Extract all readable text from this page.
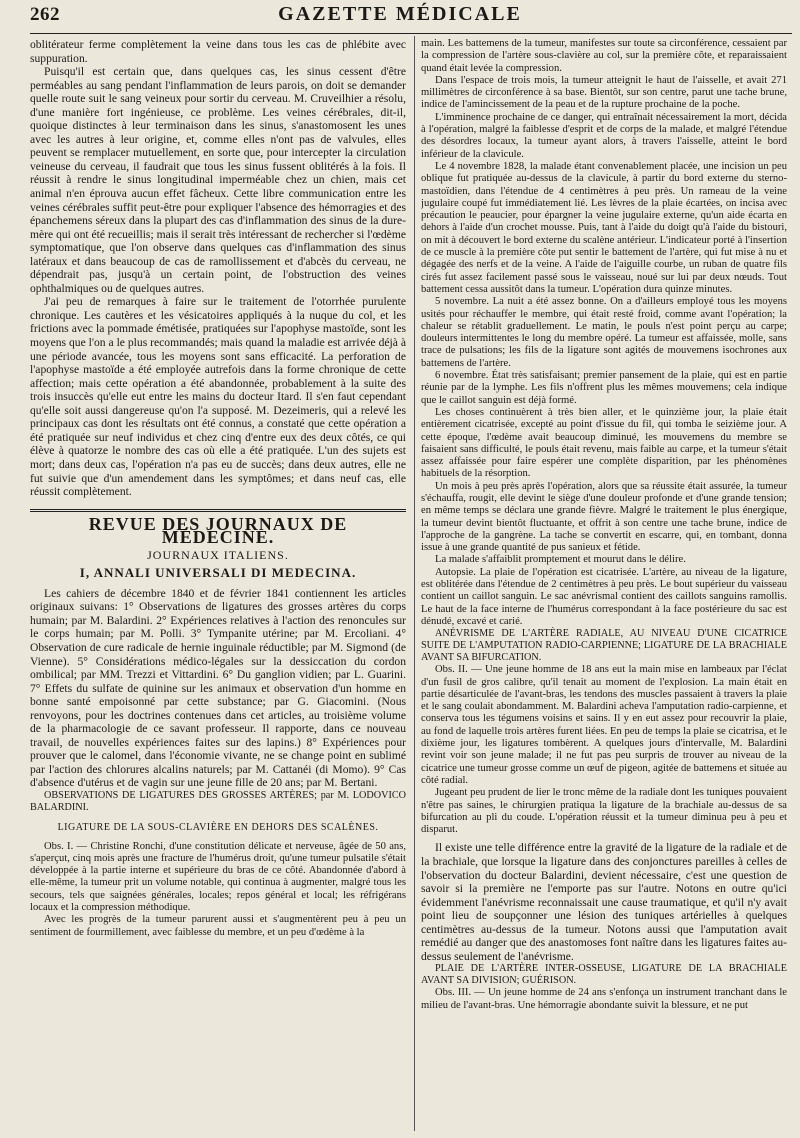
262	GAZETTE MÉDICALE

oblitérateur ferme complètement la veine dans tous les cas de phlébite avec suppuration.

Puisqu'il est certain que, dans quelques cas, les sinus cessent d'être perméables au sang pendant l'inflammation de leurs parois, on doit se demander quelle route suit le sang veineux pour sortir du cerveau. M. Cruveilhier a résolu, d'une manière fort ingénieuse, ce problème. Les veines cérébrales, dit-il, quoique distinctes à leur terminaison dans les sinus, s'anastomosent les unes avec les autres à leur origine, et, comme elles n'ont pas de valvules, elles peuvent se remplacer mutuellement, en sorte que, pour intercepter la circulation veineuse du cerveau, il faudrait que tous les sinus fussent oblitérés à la fois. Il réussit à rendre le sinus longitudinal imperméable chez un chien, mais cet animal n'en éprouva aucun effet fâcheux. Cette libre communication entre les veines cérébrales suffit peut-être pour expliquer l'absence des hémorragies et des épanchemens séreux dans la plupart des cas d'inflammation des sinus de la dure-mère qui ont été recueillis; mais il serait très intéressant de rechercher si l'œdème symptomatique, que l'on observe dans quelques cas d'inflammation des sinus latéraux et dans beaucoup de cas de ramollissement et d'abcès du cerveau, ne dépendrait pas, jusqu'à un certain point, de l'obstruction des veines ophthalmiques ou de quelques autres.

J'ai peu de remarques à faire sur le traitement de l'otorrhée purulente chronique. Les cautères et les vésicatoires appliqués à la nuque du col, et les frictions avec la pommade émétisée, pratiquées sur l'apophyse mastoïde, sont les moyens que l'on a le plus recommandés; mais quand la maladie est arrivée déjà à une période avancée, tous les moyens sont sans efficacité. La perforation de l'apophyse mastoïde a été employée autrefois dans la forme chronique de cette affection; mais cette opération a été abandonnée, probablement à la suite des trois insuccès qu'elle eut entre les mains du docteur Itard. Il s'en faut cependant qu'elle soit aussi dangereuse qu'on l'a supposé. M. Dezeimeris, qui a relevé les principaux cas dont les résultats ont été connus, a constaté que cette opération a été pratiquée sur neuf individus et chez cinq d'entre eux des deux côtés, ce qui élève à quatorze le nombre des cas où elle a été pratiquée. L'un des sujets est mort; dans deux cas, l'opération n'a pas eu de succès; dans deux autres, elle ne fut suivie que d'un amendement dans les symptômes; et dans neuf cas, elle réussit complètement.

REVUE DES JOURNAUX DE MÉDECINE.
JOURNAUX ITALIENS.
I, ANNALI UNIVERSALI DI MEDECINA.

Les cahiers de décembre 1840 et de février 1841 contiennent les articles originaux suivans: 1° Observations de ligatures des grosses artères du corps humain; par M. Balardini. 2° Expériences relatives à l'action des renoncules sur le corps humain; par M. Polli. 3° Tympanite utérine; par M. Ercoliani. 4° Observation de cure radicale de hernie inguinale réductible; par M. Sigmond (de Vienne). 5° Considérations médico-légales sur la dessiccation du cordon ombilical; par MM. Trezzi et Vittardini. 6° Du ganglion vidien; par L. Guarini. 7° Effets du sulfate de quinine sur les animaux et observation d'un homme en bonne santé empoisonné par cette substance; par G. Giacomini. (Nous renvoyons, pour les doctrines contenues dans cet articles, au troisième volume de la pharmacologie de ce savant professeur. Il rapporte, dans ce nouveau travail, de nouvelles expériences faites sur des lapins.) 8° Expériences pour prouver que le calomel, dans l'économie vivante, ne se change point en sublimé par l'action des chlorures alcalins naturels; par M. Cattanéi (di Momo). 9° Cas d'absence d'utérus et de vagin sur une jeune fille de 20 ans; par M. Bertani.

OBSERVATIONS DE LIGATURES DES GROSSES ARTÈRES; par M. LODOVICO BALARDINI.

LIGATURE DE LA SOUS-CLAVIÈRE EN DEHORS DES SCALÈNES.

Obs. I. — Christine Ronchi, d'une constitution délicate et nerveuse, âgée de 50 ans, s'aperçut, cinq mois après une fracture de l'humérus droit, qu'une tumeur pulsatile s'était développée à la partie interne et supérieure du bras de ce côté. Abandonnée d'abord à elle-même, la tumeur prit un volume notable, qui continua à augmenter, malgré tous les secours, tels que saignées générales, locales; repos général et local; les réfrigérans locaux et la compression méthodique.

Avec les progrès de la tumeur parurent aussi et s'augmentèrent peu à peu un sentiment de fourmillement, avec faiblesse du membre, et un peu d'œdème à la

main. Les battemens de la tumeur, manifestes sur toute sa circonférence, cessaient par la compression de l'artère sous-clavière au col, sur la première côte, et reparaissaient quand était levée la compression.

Dans l'espace de trois mois, la tumeur atteignit le haut de l'aisselle, et avait 271 millimètres de circonférence à sa base. Bientôt, sur son centre, parut une tache brune, indice de l'amincissement de la peau et de la rupture prochaine de la poche.

L'imminence prochaine de ce danger, qui entraînait nécessairement la mort, décida à l'opération, malgré la faiblesse d'esprit et de corps de la malade, et malgré l'étendue des désordres locaux, la tumeur ayant alors, à travers l'aisselle, atteint le bord inférieur de la clavicule.

Le 4 novembre 1828, la malade étant convenablement placée, une incision un peu oblique fut pratiquée au-dessus de la clavicule, à partir du bord externe du sterno-mastoïdien, dans l'étendue de 4 centimètres à peu près. Un rameau de la veine jugulaire coupé fut immédiatement lié. Les lèvres de la plaie écartées, on incisa avec précaution le peaucier, pour épargner la veine jugulaire externe, qu'un aide écarta en dehors à l'aide d'un crochet mousse. Puis, tant à l'aide du doigt qu'à l'aide du bistouri, on mit à découvert le bord externe du scalène antérieur. L'indicateur porté à l'insertion de ce muscle à la première côte put sentir le battement de l'artère, qui fut mise à nu et dégagée des nerfs et de la veine. A l'aide de l'aiguille courbe, un ruban de quatre fils cirés fut assez facilement passé sous le vaisseau, noué sur lui par deux nœuds. Tout battement cessa aussitôt dans la tumeur. L'opération dura quinze minutes.

5 novembre. La nuit a été assez bonne. On a d'ailleurs employé tous les moyens usités pour réchauffer le membre, qui était resté froid, comme avant l'opération; la chaleur se rétablit graduellement. Le matin, le pouls n'est point perçu au carpe; douleurs intermittentes le long du membre opéré. La tumeur est affaissée, molle, sans trace de pulsations; les fils de la ligature sont agités de mouvemens isochrones aux battemens de l'artère.

6 novembre. État très satisfaisant; premier pansement de la plaie, qui est en partie réunie par de la lymphe. Les fils n'offrent plus les mêmes mouvemens; cela indique que le caillot sanguin est déjà formé.

Les choses continuèrent à très bien aller, et le quinzième jour, la plaie était entièrement cicatrisée, excepté au point d'issue du fil, qui tomba le seizième jour. A cette époque, l'œdème avait beaucoup diminué, les mouvemens du membre se faisaient sans difficulté, le pouls était revenu, mais faible au carpe, et la tumeur s'était assez affaissée pour faire espérer une complète disparition, par les phénomènes habituels de la résorption.

Un mois à peu près après l'opération, alors que sa réussite était assurée, la tumeur s'échauffa, rougit, elle devint le siège d'une douleur profonde et d'une grande tension; en même temps se déclara une grande fièvre. Malgré le traitement le plus énergique, la tumeur devint bientôt fluctuante, et offrit à son centre une tache brune, indice de l'approche de la gangrène. La tache se convertit en escarre, qui, en tombant, donna issue à une grande quantité de pus sanieux et fétide.

La malade s'affaiblit promptement et mourut dans le délire.

Autopsie. La plaie de l'opération est cicatrisée. L'artère, au niveau de la ligature, est oblitérée dans l'étendue de 2 centimètres à peu près. Le bout supérieur du vaisseau contient un caillot sanguin. Le sac anévrismal contient des caillots sanguins ramollis. Le haut de la face interne de l'humérus correspondant à la face postérieure du sac est dénudé, excavé et carié.

ANÉVRISME DE L'ARTÈRE RADIALE, AU NIVEAU D'UNE CICATRICE SUITE DE L'AMPUTATION RADIO-CARPIENNE; LIGATURE DE LA BRACHIALE AVANT SA BIFURCATION.

Obs. II. — Une jeune homme de 18 ans eut la main mise en lambeaux par l'éclat d'un fusil de gros calibre, qu'il tenait au moment de l'explosion. La main était en partie désarticulée de l'avant-bras, les tendons des muscles passaient à travers la plaie et le sang coulait abondamment. M. Balardini acheva l'amputation radio-carpienne, et conserva tous les tégumens voisins et sains. Il y en eut assez pour recouvrir la plaie, au fond de laquelle trois artères furent liées. En peu de temps la plaie se cicatrisa, et le dixième jour, les ligatures tombèrent. A quelques jours d'intervalle, M. Balardini revint voir son jeune malade; il ne fut pas peu surpris de trouver au niveau de la cicatrice une tumeur grosse comme un œuf de pigeon, agitée de battemens et située au côté radial.

Jugeant peu prudent de lier le tronc même de la radiale dont les tuniques pouvaient n'être pas saines, le chirurgien pratiqua la ligature de la brachiale au-dessus de sa bifurcation au pli du coude. L'opération réussit et la tumeur diminua peu à peu et disparut.

Il existe une telle différence entre la gravité de la ligature de la radiale et de la brachiale, que lorsque la ligature dans des conjonctures pareilles à celles de l'observation du docteur Balardini, devient nécessaire, c'est une question de savoir si la première ne l'emporte pas sur l'autre. Notons en outre qu'ici évidemment l'anévrisme reconnaissait une cause traumatique, et qu'il n'y avait point lieu de soupçonner une lésion des tuniques artérielles à quelques centimètres au-dessus de la tumeur. Notons aussi que l'amputation avait remédié au danger que des anastomoses font naître dans les ligatures faites au-dessus seulement de l'anévrisme.

PLAIE DE L'ARTÈRE INTER-OSSEUSE, LIGATURE DE LA BRACHIALE AVANT SA DIVISION; GUÉRISON.

Obs. III. — Un jeune homme de 24 ans s'enfonça un instrument tranchant dans le milieu de l'avant-bras. Une hémorragie abondante suivit la blessure, et ne put
